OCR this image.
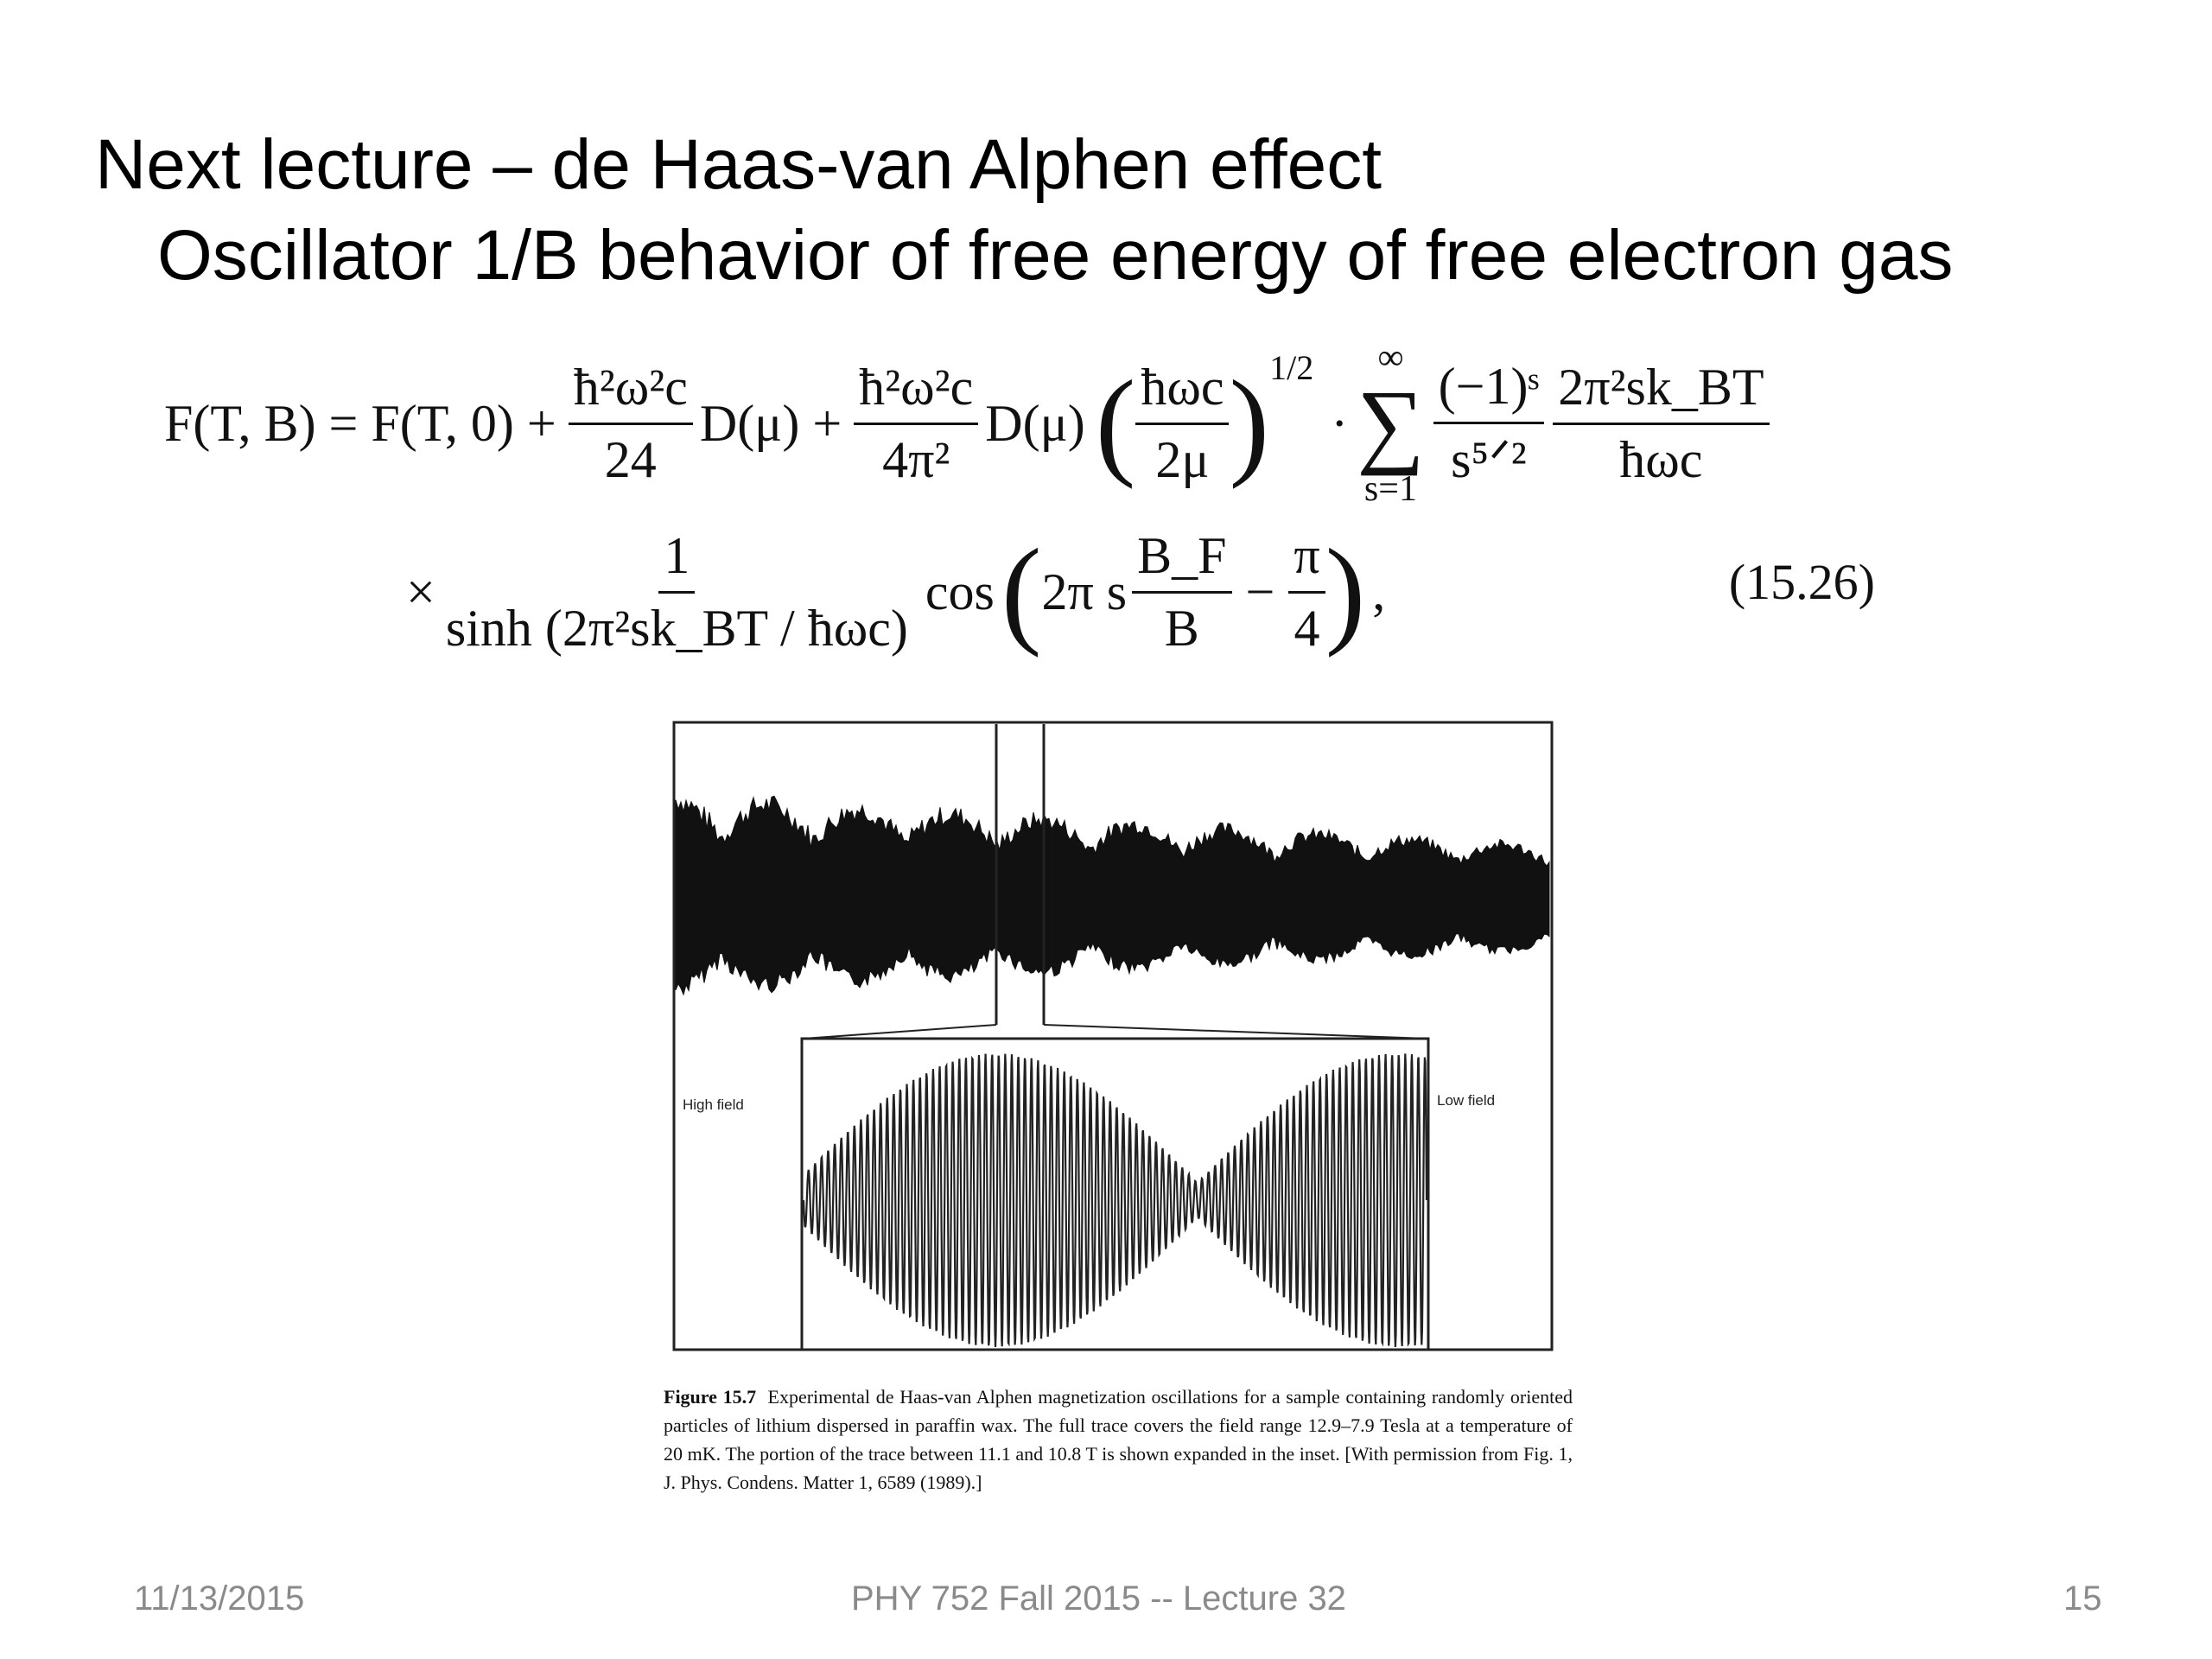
Next lecture – de Haas-van Alphen effect
Oscillator 1/B behavior of free energy of free electron gas
F(T, B) = F(T, $0) + \frac{\text{ħ²ω²c}}{24} D(\mu) + \frac{\text{ħ²ω²c}}{\text{4π²}} D(\mu)$ ( $\frac{\text{ħωc}}{2\mu}$ ) 1/2
·
∞
∑
$s=1 \frac{\text{(−1)ˢ}}{\text{s⁵ᐟ²}} \frac{\text{2π²sk\_BT}}{\text{ħωc}}$
× $\frac{1}{\text{sinh (2π²sk\_BT / ħωc)}}$ cos ( 2π s $\frac{B\_F}{B} - \frac{\pi}{4}$ ) ,	(15.26)
High field	Low field
Figure 15.7 Experimental de Haas-van Alphen magnetization oscillations for a sample containing randomly oriented particles of lithium dispersed in paraffin wax. The full trace covers the field range 12.9–7.9 Tesla at a temperature of 20 mK. The portion of the trace between 11.1 and 10.8 T is shown expanded in the inset. [With permission from Fig. 1, J. Phys. Condens. Matter 1, 6589 (1989).]
11/13/2015	PHY 752 Fall 2015 -- Lecture 32	15
